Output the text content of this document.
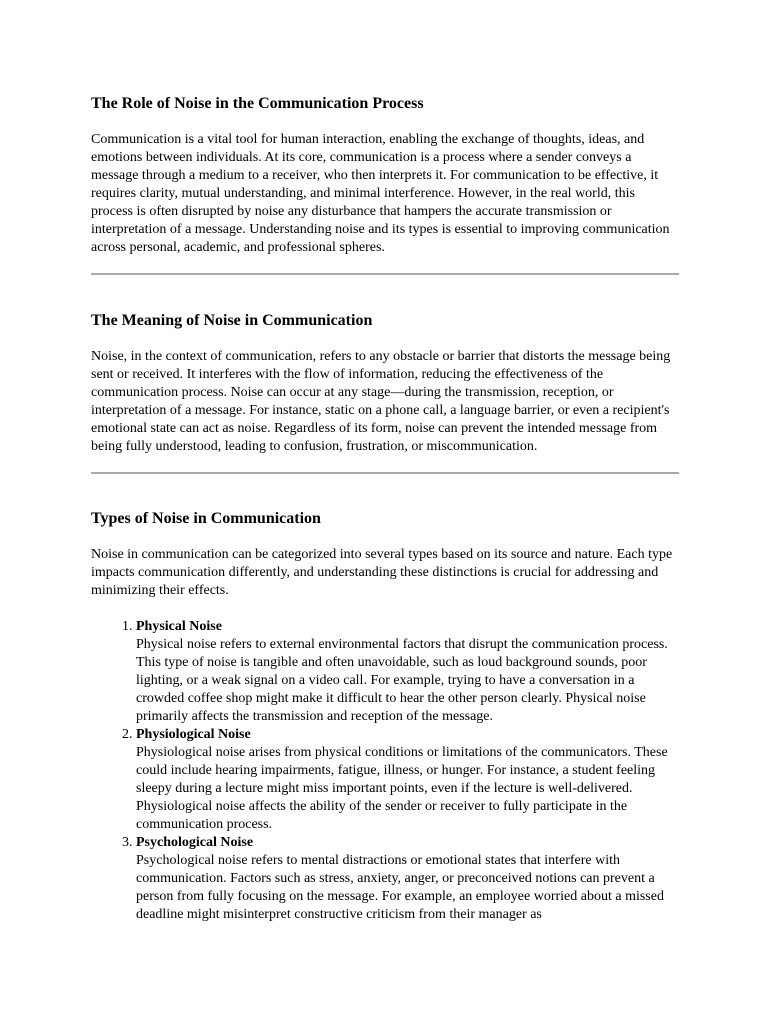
The Role of Noise in the Communication Process

Communication is a vital tool for human interaction, enabling the exchange of thoughts, ideas, and emotions between individuals. At its core, communication is a process where a sender conveys a message through a medium to a receiver, who then interprets it. For communication to be effective, it requires clarity, mutual understanding, and minimal interference. However, in the real world, this process is often disrupted by noise any disturbance that hampers the accurate transmission or interpretation of a message. Understanding noise and its types is essential to improving communication across personal, academic, and professional spheres.

The Meaning of Noise in Communication

Noise, in the context of communication, refers to any obstacle or barrier that distorts the message being sent or received. It interferes with the flow of information, reducing the effectiveness of the communication process. Noise can occur at any stage—during the transmission, reception, or interpretation of a message. For instance, static on a phone call, a language barrier, or even a recipient's emotional state can act as noise. Regardless of its form, noise can prevent the intended message from being fully understood, leading to confusion, frustration, or miscommunication.

Types of Noise in Communication

Noise in communication can be categorized into several types based on its source and nature. Each type impacts communication differently, and understanding these distinctions is crucial for addressing and minimizing their effects.

1. Physical Noise
Physical noise refers to external environmental factors that disrupt the communication process. This type of noise is tangible and often unavoidable, such as loud background sounds, poor lighting, or a weak signal on a video call. For example, trying to have a conversation in a crowded coffee shop might make it difficult to hear the other person clearly. Physical noise primarily affects the transmission and reception of the message.
2. Physiological Noise
Physiological noise arises from physical conditions or limitations of the communicators. These could include hearing impairments, fatigue, illness, or hunger. For instance, a student feeling sleepy during a lecture might miss important points, even if the lecture is well-delivered. Physiological noise affects the ability of the sender or receiver to fully participate in the communication process.
3. Psychological Noise
Psychological noise refers to mental distractions or emotional states that interfere with communication. Factors such as stress, anxiety, anger, or preconceived notions can prevent a person from fully focusing on the message. For example, an employee worried about a missed deadline might misinterpret constructive criticism from their manager as
